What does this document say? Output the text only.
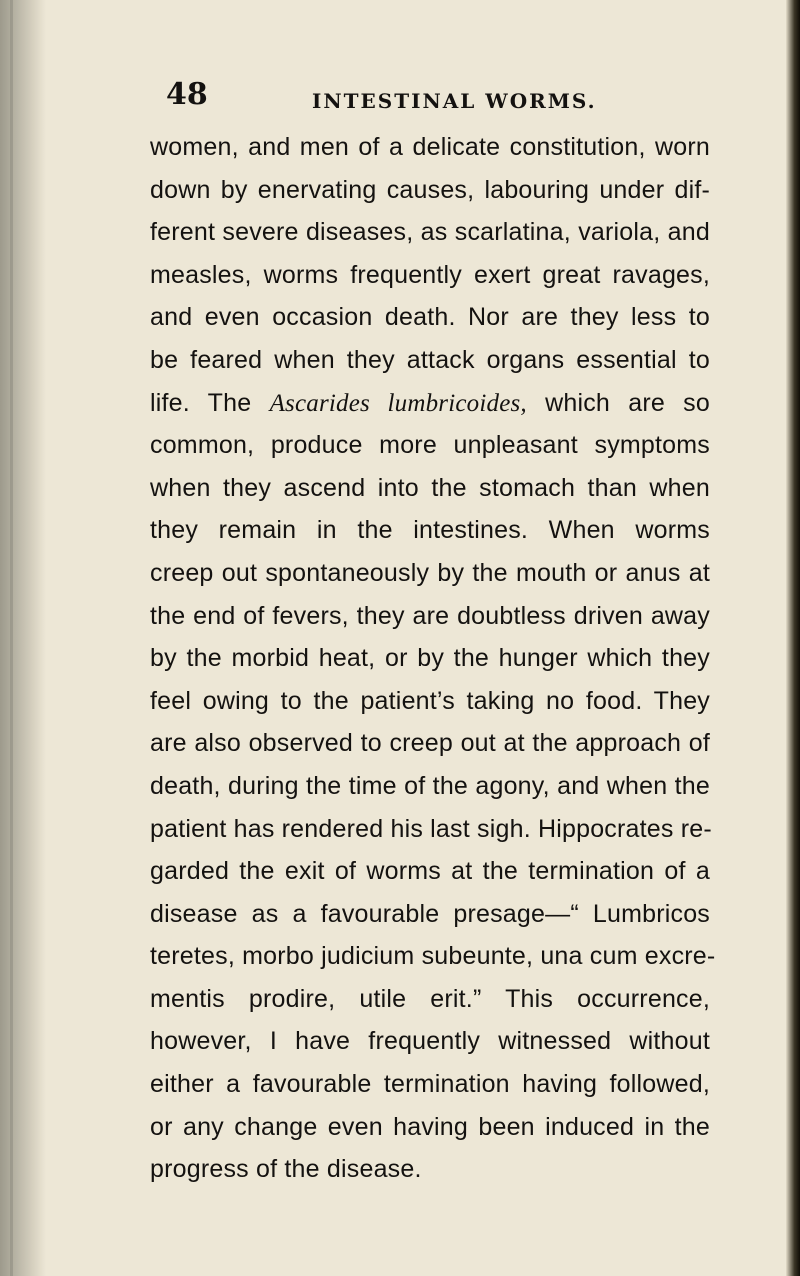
48	INTESTINAL WORMS.
women, and men of a delicate constitution, worn
down by enervating causes, labouring under dif-
ferent severe diseases, as scarlatina, variola, and
measles, worms frequently exert great ravages,
and even occasion death. Nor are they less to
be feared when they attack organs essential to
life. The Ascarides lumbricoides, which are so
common, produce more unpleasant symptoms
when they ascend into the stomach than when
they remain in the intestines. When worms
creep out spontaneously by the mouth or anus at
the end of fevers, they are doubtless driven away
by the morbid heat, or by the hunger which they
feel owing to the patient’s taking no food. They
are also observed to creep out at the approach of
death, during the time of the agony, and when the
patient has rendered his last sigh. Hippocrates re-
garded the exit of worms at the termination of a
disease as a favourable presage—“ Lumbricos
teretes, morbo judicium subeunte, una cum excre-
mentis prodire, utile erit.” This occurrence,
however, I have frequently witnessed without
either a favourable termination having followed,
or any change even having been induced in the
progress of the disease.
